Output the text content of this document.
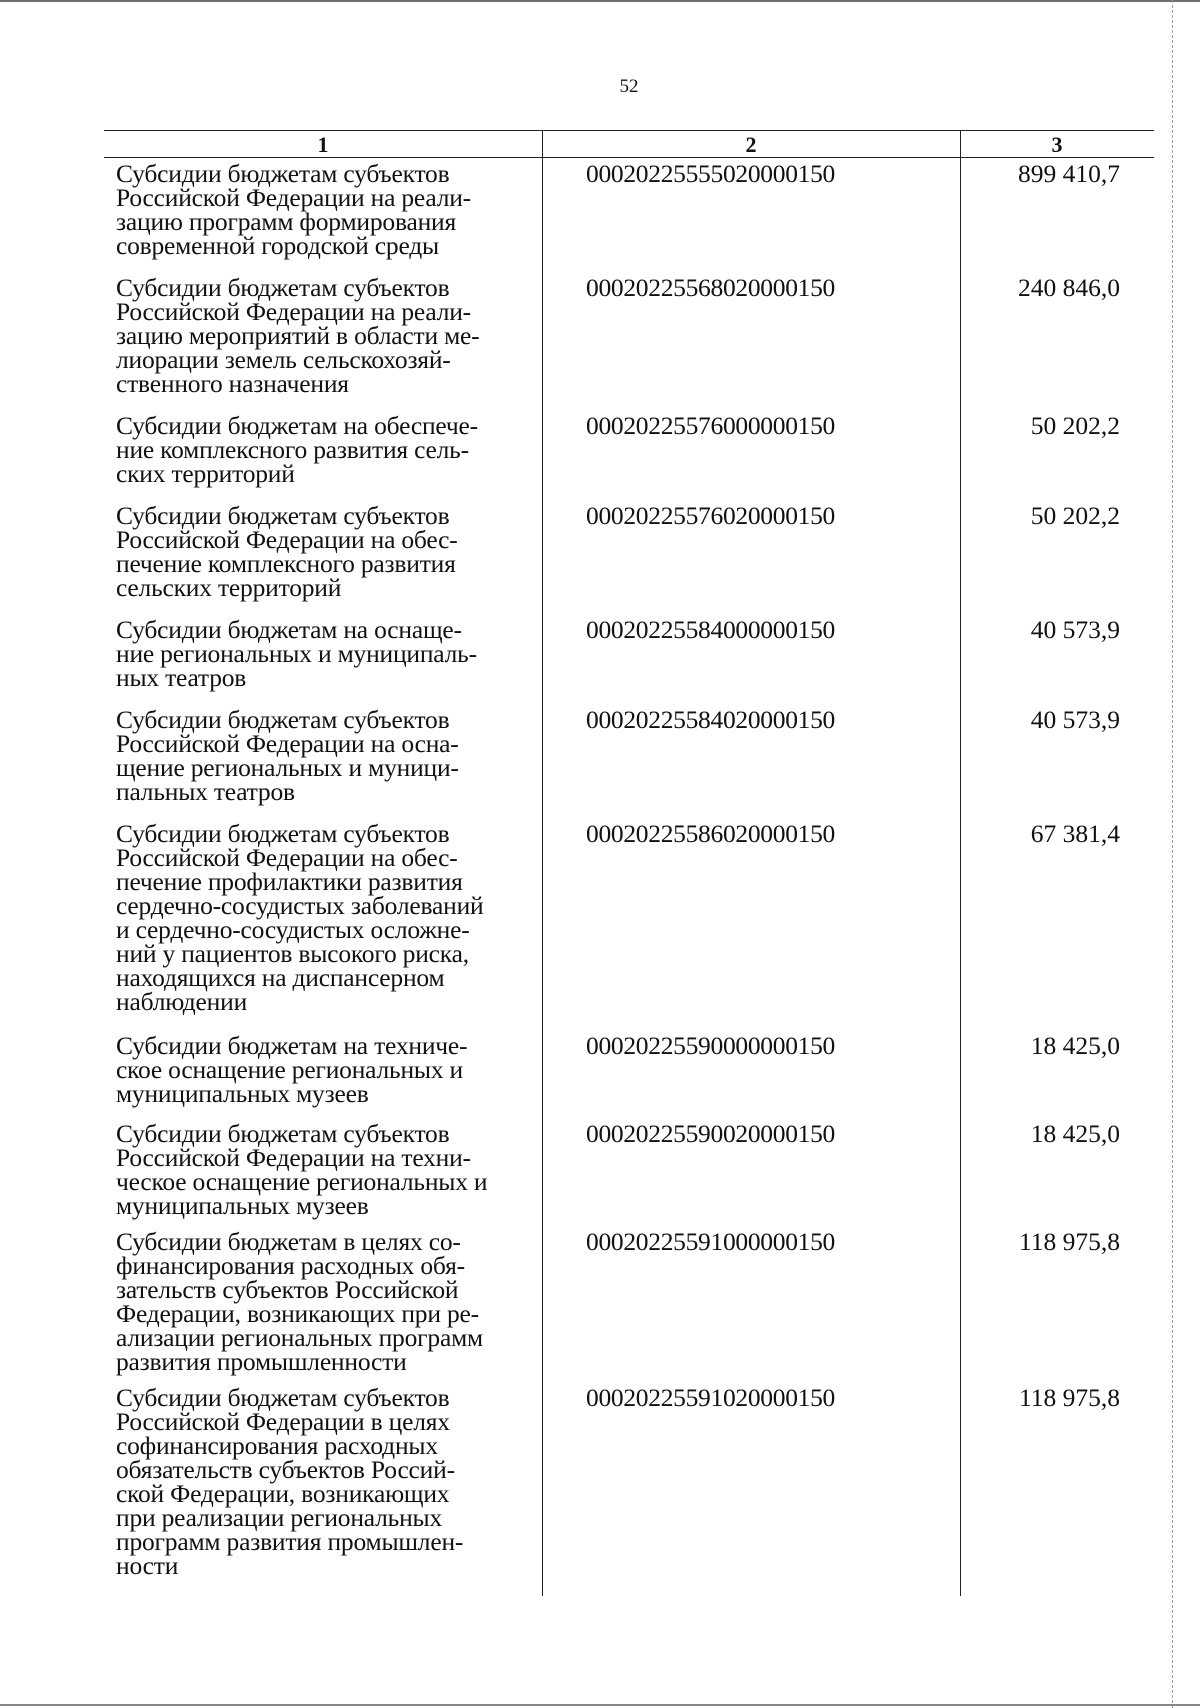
52
1	2	3
Субсидии бюджетам субъектов
Российской Федерации на реали-
зацию программ формирования
современной городской среды
00020225555020000150	899 410,7
Субсидии бюджетам субъектов
Российской Федерации на реали-
зацию мероприятий в области ме-
лиорации земель сельскохозяй-
ственного назначения
00020225568020000150	240 846,0
Субсидии бюджетам на обеспече-
ние комплексного развития сель-
ских территорий
00020225576000000150	50 202,2
Субсидии бюджетам субъектов
Российской Федерации на обес-
печение комплексного развития
сельских территорий
00020225576020000150	50 202,2
Субсидии бюджетам на оснаще-
ние региональных и муниципаль-
ных театров
00020225584000000150	40 573,9
Субсидии бюджетам субъектов
Российской Федерации на осна-
щение региональных и муници-
пальных театров
00020225584020000150	40 573,9
Субсидии бюджетам субъектов
Российской Федерации на обес-
печение профилактики развития
сердечно-сосудистых заболеваний
и сердечно-сосудистых осложне-
ний у пациентов высокого риска,
находящихся на диспансерном
наблюдении
00020225586020000150	67 381,4
Субсидии бюджетам на техниче-
ское оснащение региональных и
муниципальных музеев
00020225590000000150	18 425,0
Субсидии бюджетам субъектов
Российской Федерации на техни-
ческое оснащение региональных и
муниципальных музеев
00020225590020000150	18 425,0
Субсидии бюджетам в целях со-
финансирования расходных обя-
зательств субъектов Российской
Федерации, возникающих при ре-
ализации региональных программ
развития промышленности
00020225591000000150	118 975,8
Субсидии бюджетам субъектов
Российской Федерации в целях
софинансирования расходных
обязательств субъектов Россий-
ской Федерации, возникающих
при реализации региональных
программ развития промышлен-
ности
00020225591020000150	118 975,8
